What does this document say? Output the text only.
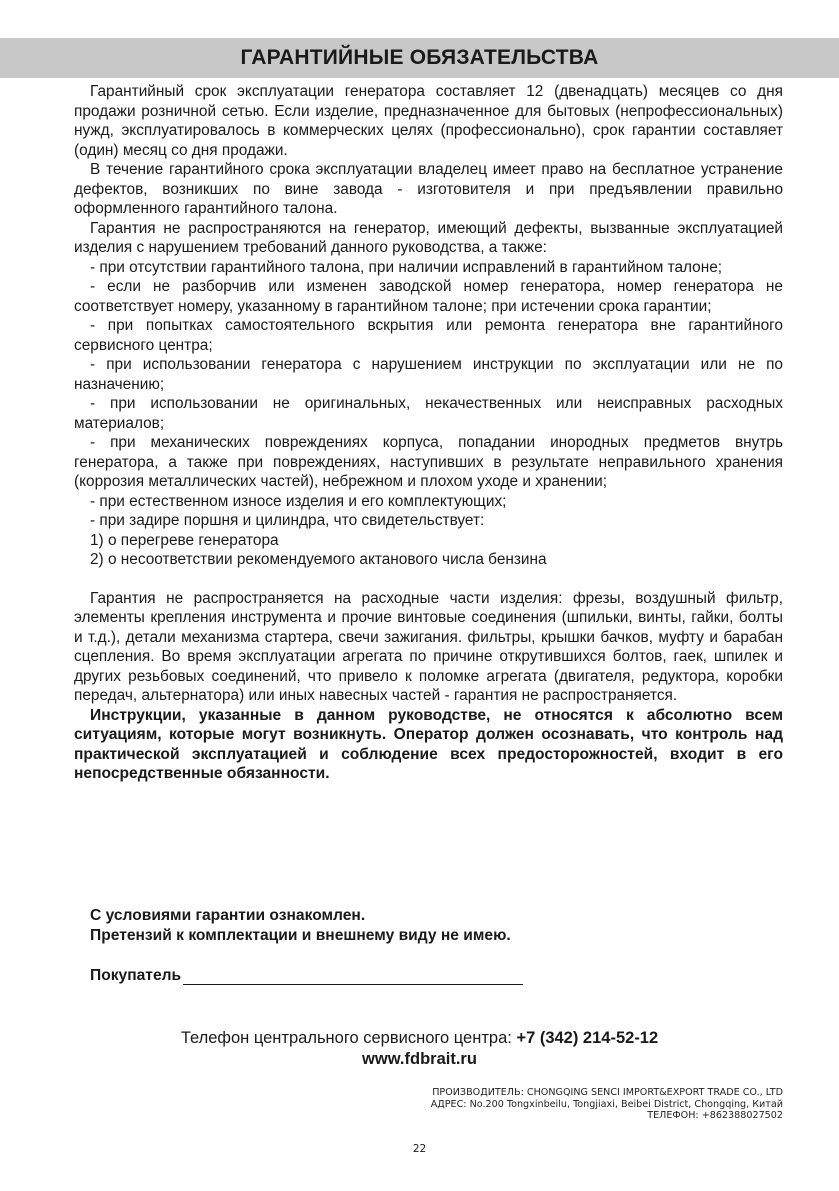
ГАРАНТИЙНЫЕ ОБЯЗАТЕЛЬСТВА

Гарантийный срок эксплуатации генератора составляет 12 (двенадцать) месяцев со дня продажи розничной сетью. Если изделие, предназначенное для бытовых (непрофессиональных) нужд, эксплуатировалось в коммерческих целях (профессионально), срок гарантии составляет (один) месяц со дня продажи.

В течение гарантийного срока эксплуатации владелец имеет право на бесплатное устранение дефектов, возникших по вине завода - изготовителя и при предъявлении правильно оформленного гарантийного талона.

Гарантия не распространяются на генератор, имеющий дефекты, вызванные эксплуатацией изделия с нарушением требований данного руководства, а также:

- при отсутствии гарантийного талона, при наличии исправлений в гарантийном талоне;

- если не разборчив или изменен заводской номер генератора, номер генератора не соответствует номеру, указанному в гарантийном талоне; при истечении срока гарантии;

- при попытках самостоятельного вскрытия или ремонта генератора вне гарантийного сервисного центра;

- при использовании генератора с нарушением инструкции по эксплуатации или не по назначению;

- при использовании не оригинальных, некачественных или неисправных расходных материалов;

- при механических повреждениях корпуса, попадании инородных предметов внутрь генератора, а также при повреждениях, наступивших в результате неправильного хранения (коррозия металлических частей), небрежном и плохом уходе и хранении;

- при естественном износе изделия и его комплектующих;

- при задире поршня и цилиндра, что свидетельствует:

1) о перегреве генератора

2) о несоответствии рекомендуемого актанового числа бензина

Гарантия не распространяется на расходные части изделия: фрезы, воздушный фильтр, элементы крепления инструмента и прочие винтовые соединения (шпильки, винты, гайки, болты и т.д.), детали механизма стартера, свечи зажигания. фильтры, крышки бачков, муфту и барабан сцепления. Во время эксплуатации агрегата по причине открутившихся болтов, гаек, шпилек и других резьбовых соединений, что привело к поломке агрегата (двигателя, редуктора, коробки передач, альтернатора) или иных навесных частей - гарантия не распространяется.

Инструкции, указанные в данном руководстве, не относятся к абсолютно всем ситуациям, которые могут возникнуть. Оператор должен осознавать, что контроль над практической эксплуатацией и соблюдение всех предосторожностей, входит в его непосредственные обязанности.

С условиями гарантии ознакомлен.
Претензий к комплектации и внешнему виду не имею.
Покупатель
Телефон центрального сервисного центра: +7 (342) 214-52-12
www.fdbrait.ru
ПРОИЗВОДИТЕЛЬ: CHONGQING SENCI IMPORT&EXPORT TRADE CO., LTD
АДРЕС: No.200 Tongxinbeilu, Tongjiaxi, Beibei District, Chongqing, Китай
ТЕЛЕФОН: +862388027502
22
